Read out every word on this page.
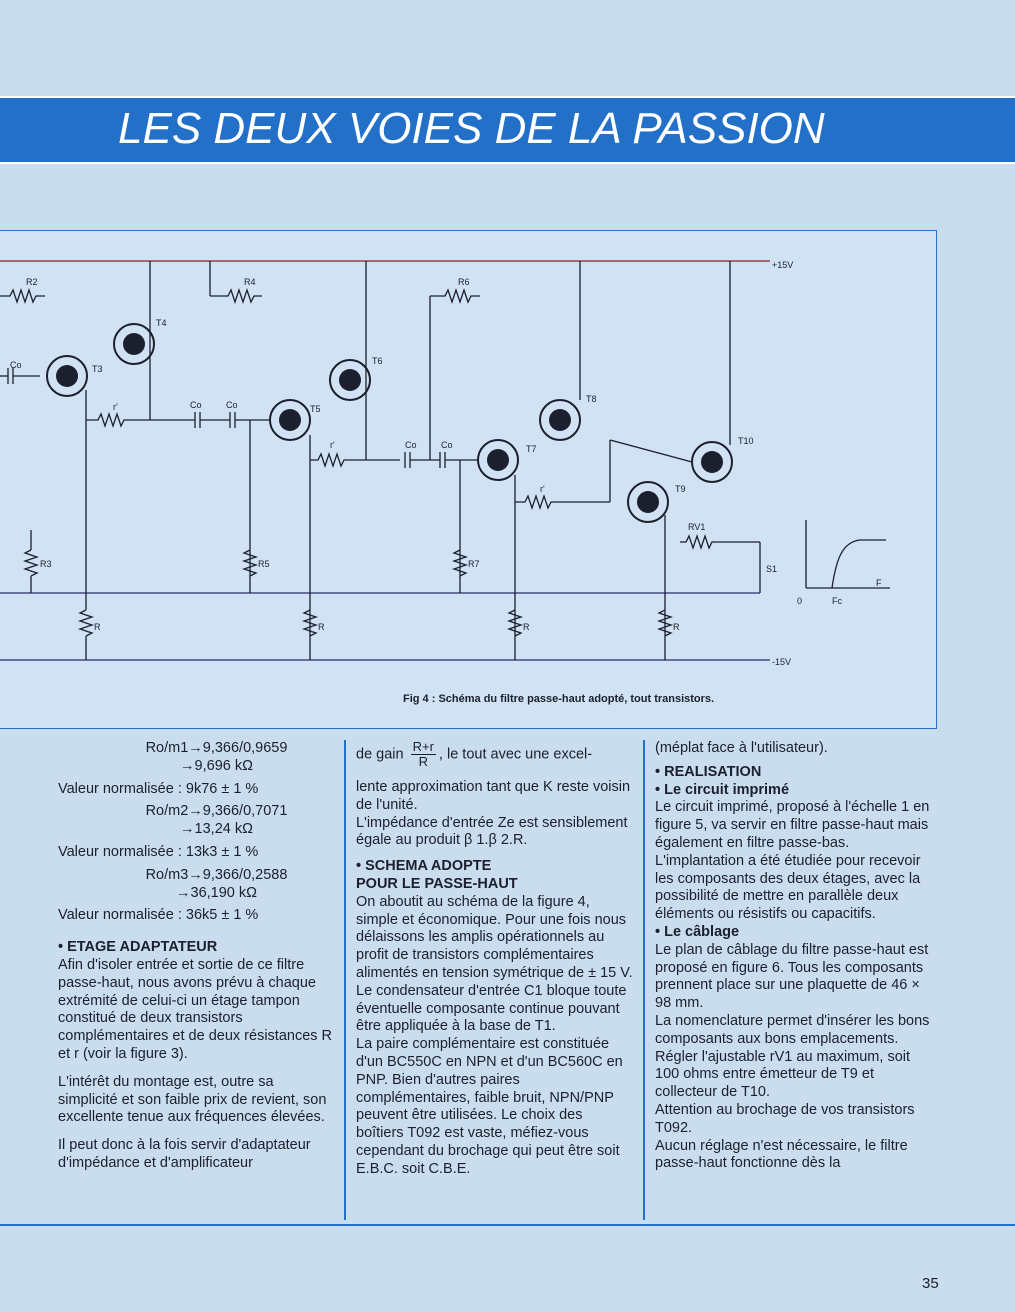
LES DEUX VOIES DE LA PASSION
+15V
-15V
R2
Co	T3
T4
R4
r'	Co	Co	T5
T6
r'
R3	R5
R	R
R6
Co	Co	T7
T8
r'
R7
R
T9
T10
RV1
S1
R
0	Fc
F
Fig 4 : Schéma du filtre passe-haut adopté, tout transistors.

Ro/m1→9,366/0,9659

→9,696 kΩ

Valeur normalisée : 9k76 ± 1 %

Ro/m2→9,366/0,7071

→13,24 kΩ

Valeur normalisée : 13k3 ± 1 %

Ro/m3→9,366/0,2588

→36,190 kΩ

Valeur normalisée : 36k5 ± 1 %

• ETAGE ADAPTATEUR

Afin d'isoler entrée et sortie de ce filtre passe-haut, nous avons prévu à chaque extrémité de celui-ci un étage tampon constitué de deux transistors complémentaires et de deux résistances R et r (voir la figure 3).

L'intérêt du montage est, outre sa simplicité et son faible prix de revient, son excellente tenue aux fréquences élevées.

Il peut donc à la fois servir d'adaptateur d'impédance et d'amplificateur

de gain $\frac{R+r}{R}$ , le tout avec une excel-

lente approximation tant que K reste voisin de l'unité.

L'impédance d'entrée Ze est sensiblement égale au produit β 1.β 2.R.

• SCHEMA ADOPTE

POUR LE PASSE-HAUT

On aboutit au schéma de la figure 4, simple et économique. Pour une fois nous délaissons les amplis opérationnels au profit de transistors complémentaires alimentés en tension symétrique de ± 15 V.

Le condensateur d'entrée C1 bloque toute éventuelle composante continue pouvant être appliquée à la base de T1.

La paire complémentaire est constituée d'un BC550C en NPN et d'un BC560C en PNP. Bien d'autres paires complémentaires, faible bruit, NPN/PNP peuvent être utilisées. Le choix des boîtiers T092 est vaste, méfiez-vous cependant du brochage qui peut être soit E.B.C. soit C.B.E.

(méplat face à l'utilisateur).

• REALISATION

• Le circuit imprimé

Le circuit imprimé, proposé à l'échelle 1 en figure 5, va servir en filtre passe-haut mais également en filtre passe-bas. L'implantation a été étudiée pour recevoir les composants des deux étages, avec la possibilité de mettre en parallèle deux éléments ou résistifs ou capacitifs.

• Le câblage

Le plan de câblage du filtre passe-haut est proposé en figure 6. Tous les composants prennent place sur une plaquette de 46 × 98 mm.

La nomenclature permet d'insérer les bons composants aux bons emplacements.

Régler l'ajustable rV1 au maximum, soit 100 ohms entre émetteur de T9 et collecteur de T10.

Attention au brochage de vos transistors T092.

Aucun réglage n'est nécessaire, le filtre passe-haut fonctionne dès la

35
